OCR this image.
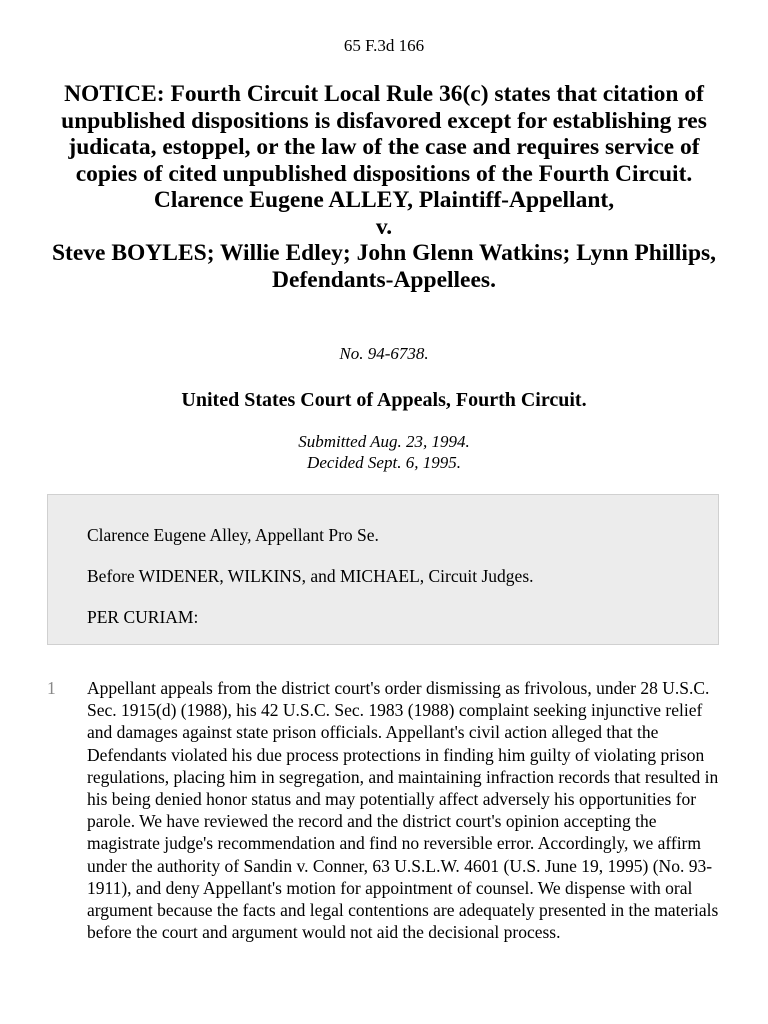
65 F.3d 166
NOTICE: Fourth Circuit Local Rule 36(c) states that citation of unpublished dispositions is disfavored except for establishing res judicata, estoppel, or the law of the case and requires service of copies of cited unpublished dispositions of the Fourth Circuit.
Clarence Eugene ALLEY, Plaintiff-Appellant,
v.
Steve BOYLES; Willie Edley; John Glenn Watkins; Lynn Phillips, Defendants-Appellees.
No. 94-6738.
United States Court of Appeals, Fourth Circuit.
Submitted Aug. 23, 1994.
Decided Sept. 6, 1995.

Clarence Eugene Alley, Appellant Pro Se.

Before WIDENER, WILKINS, and MICHAEL, Circuit Judges.

PER CURIAM:

1 Appellant appeals from the district court's order dismissing as frivolous, under 28 U.S.C. Sec. 1915(d) (1988), his 42 U.S.C. Sec. 1983 (1988) complaint seeking injunctive relief and damages against state prison officials. Appellant's civil action alleged that the Defendants violated his due process protections in finding him guilty of violating prison regulations, placing him in segregation, and maintaining infraction records that resulted in his being denied honor status and may potentially affect adversely his opportunities for parole. We have reviewed the record and the district court's opinion accepting the magistrate judge's recommendation and find no reversible error. Accordingly, we affirm under the authority of Sandin v. Conner, 63 U.S.L.W. 4601 (U.S. June 19, 1995) (No. 93-1911), and deny Appellant's motion for appointment of counsel. We dispense with oral argument because the facts and legal contentions are adequately presented in the materials before the court and argument would not aid the decisional process.
